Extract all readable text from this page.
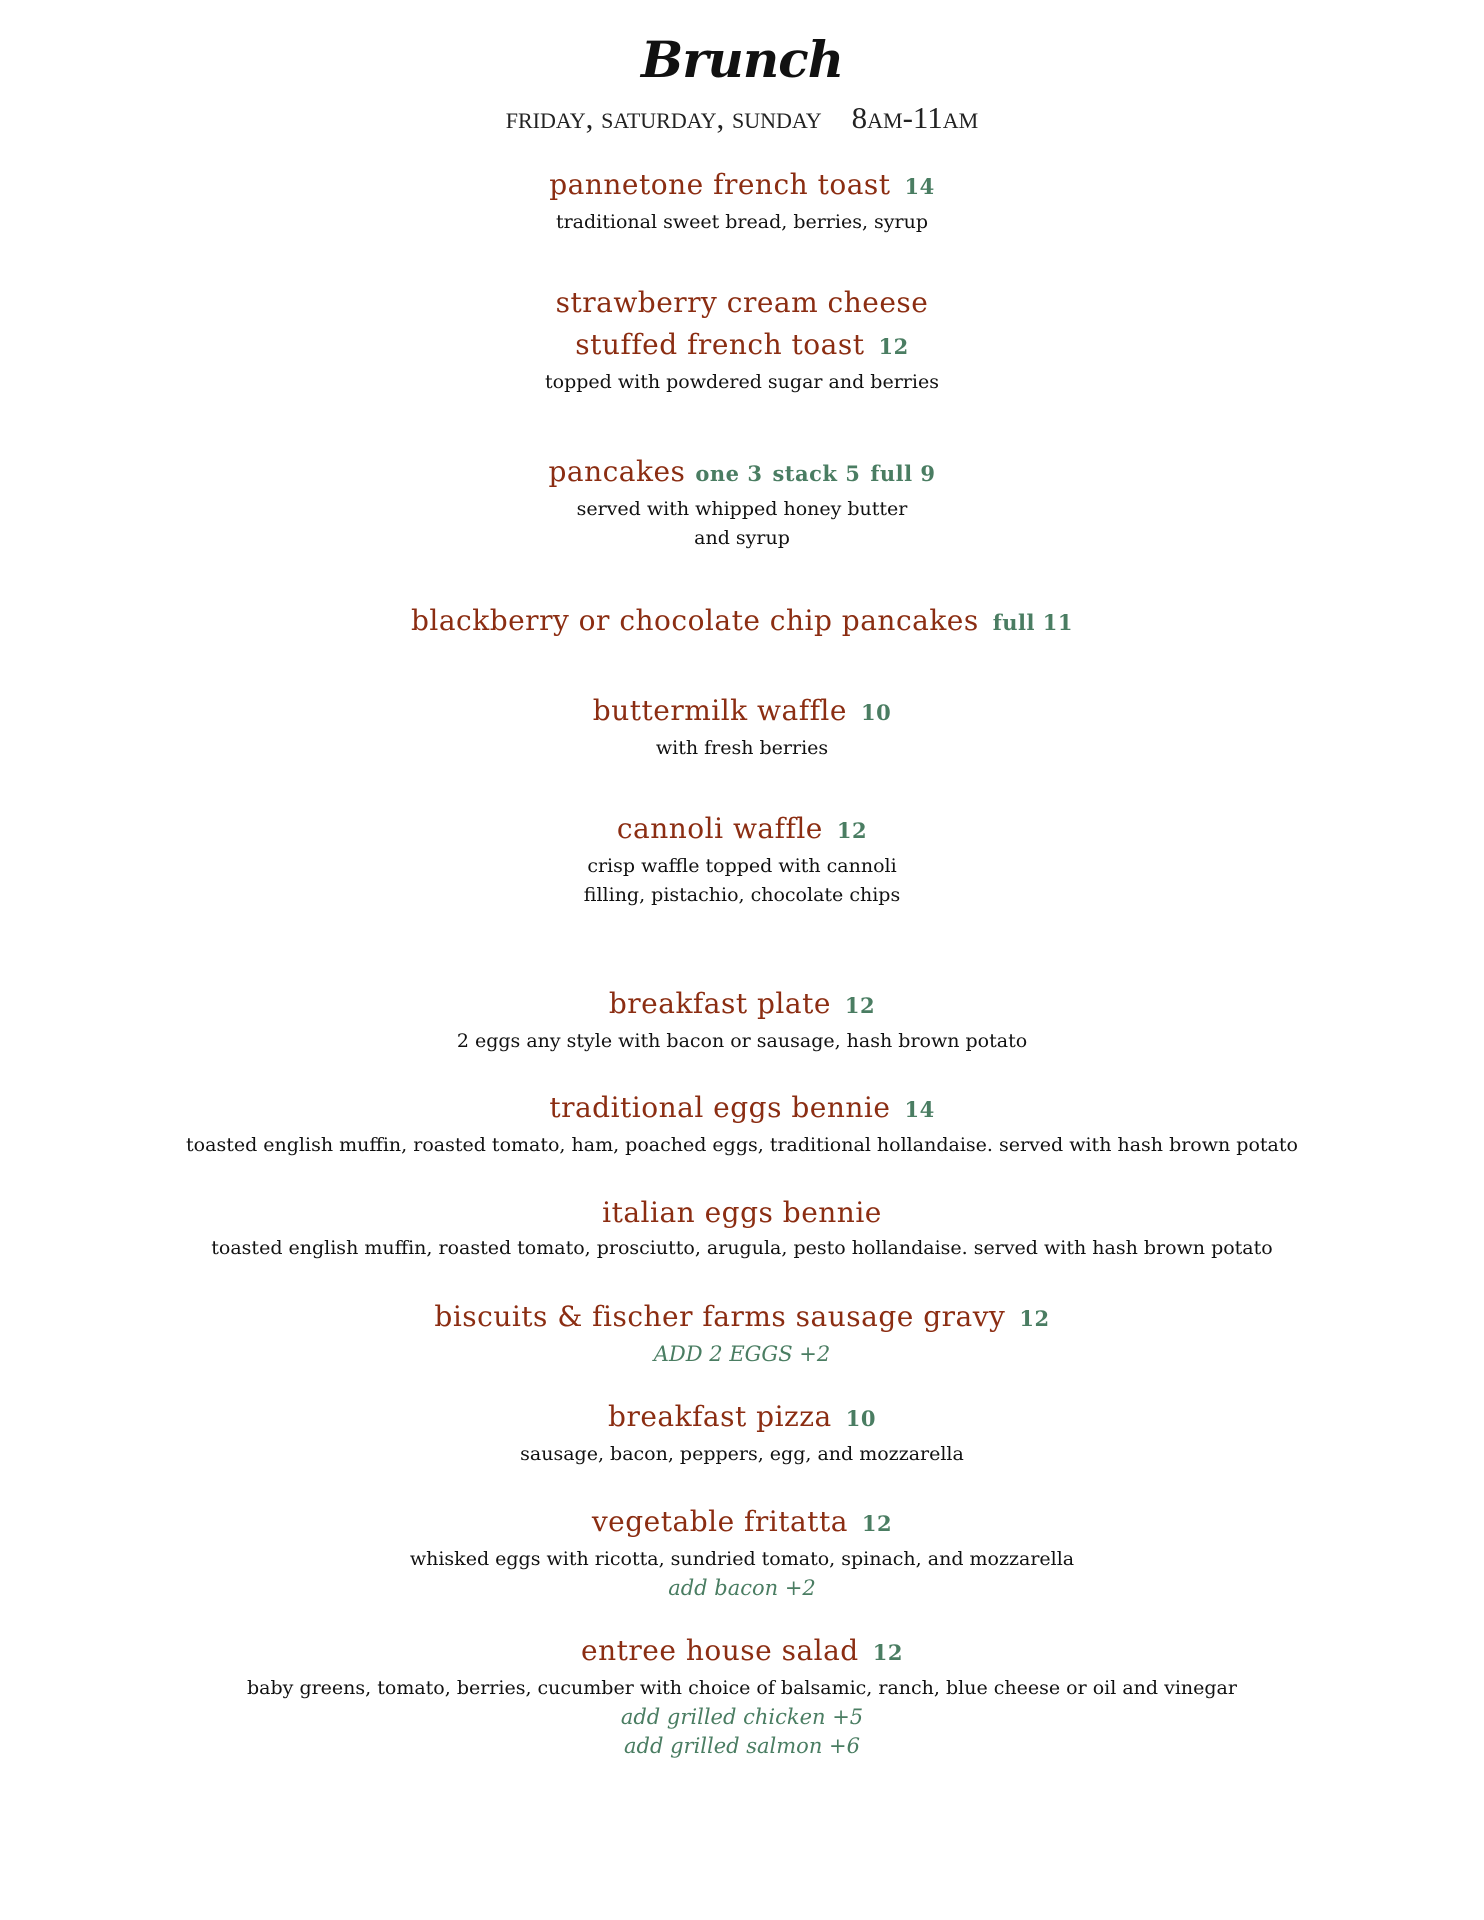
Brunch
friday, saturday, sunday 8am-11am
pannetone french toast 14
traditional sweet bread, berries, syrup
strawberry cream cheese
stuffed french toast 12
topped with powdered sugar and berries
pancakes one 3 stack 5 full 9
served with whipped honey butter
and syrup
blackberry or chocolate chip pancakes full 11
buttermilk waffle 10
with fresh berries
cannoli waffle 12
crisp waffle topped with cannoli
filling, pistachio, chocolate chips
breakfast plate 12
2 eggs any style with bacon or sausage, hash brown potato
traditional eggs bennie 14
toasted english muffin, roasted tomato, ham, poached eggs, traditional hollandaise. served with hash brown potato
italian eggs bennie
toasted english muffin, roasted tomato, prosciutto, arugula, pesto hollandaise. served with hash brown potato
biscuits & fischer farms sausage gravy 12
ADD 2 EGGS +2
breakfast pizza 10
sausage, bacon, peppers, egg, and mozzarella
vegetable fritatta 12
whisked eggs with ricotta, sundried tomato, spinach, and mozzarella
add bacon +2
entree house salad 12
baby greens, tomato, berries, cucumber with choice of balsamic, ranch, blue cheese or oil and vinegar
add grilled chicken +5
add grilled salmon +6
